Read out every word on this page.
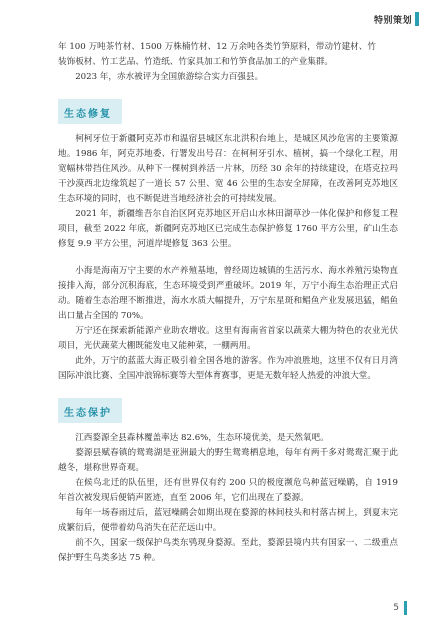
特别策划

年 100 万吨茶竹材、1500 万株楠竹材、12 万余吨各类竹笋原料，带动竹建材、竹

装饰板材、竹工艺品、竹造纸、竹家具加工和竹笋食品加工的产业集群。

2023 年，赤水被评为全国旅游综合实力百强县。

生态修复

柯柯牙位于新疆阿克苏市和温宿县城区东北洪积台地上，是城区风沙危害的主要策源地。1986 年，阿克苏地委、行署发出号召：在柯柯牙引水、植树，搞一个绿化工程，用宽幅林带挡住风沙。从种下一棵树到养活一片林，历经 30 余年的持续建设，在塔克拉玛干沙漠西北边缘筑起了一道长 57 公里、宽 46 公里的生态安全屏障，在改善阿克苏地区生态环境的同时，也不断促进当地经济社会的可持续发展。

2021 年，新疆维吾尔自治区阿克苏地区开启山水林田湖草沙一体化保护和修复工程项目，截至 2022 年底，新疆阿克苏地区已完成生态保护修复 1760 平方公里，矿山生态修复 9.9 平方公里，河道岸堤修复 363 公里。

小海是海南万宁主要的水产养殖基地，曾经周边城镇的生活污水、海水养殖污染物直接排入海，部分沉积海底，生态环境受到严重破坏。2019 年，万宁小海生态治理正式启动。随着生态治理不断推进，海水水质大幅提升，万宁东星斑和鲳鱼产业发展迅猛，鲳鱼出口量占全国的 70%。

万宁还在探索新能源产业助农增收。这里有海南省首家以蔬菜大棚为特色的农业光伏项目，光伏蔬菜大棚既能发电又能种菜，一棚两用。

此外，万宁的蓝蓝大海正吸引着全国各地的游客。作为冲浪胜地，这里不仅有日月湾国际冲浪比赛、全国冲浪锦标赛等大型体育赛事，更是无数年轻人热爱的冲浪大堂。

生态保护

江西婺源全县森林覆盖率达 82.6%，生态环境优美，是天然氧吧。

婺源县赋春镇的鸳鸯湖是亚洲最大的野生鸳鸯栖息地，每年有两千多对鸳鸯汇聚于此越冬，堪称世界奇观。

在候鸟北迁的队伍里，还有世界仅有约 200 只的极度濒危鸟种蓝冠噪鹛，自 1919 年首次被发现后便销声匿迹，直至 2006 年，它们出现在了婺源。

每年一场春雨过后，蓝冠噪鹛会如期出现在婺源的林间枝头和村落古树上，到夏末完成繁衍后，便带着幼鸟消失在茫茫远山中。

前不久，国家一级保护鸟类东鸮现身婺源。至此，婺源县境内共有国家一、二级重点保护野生鸟类多达 75 种。

5
